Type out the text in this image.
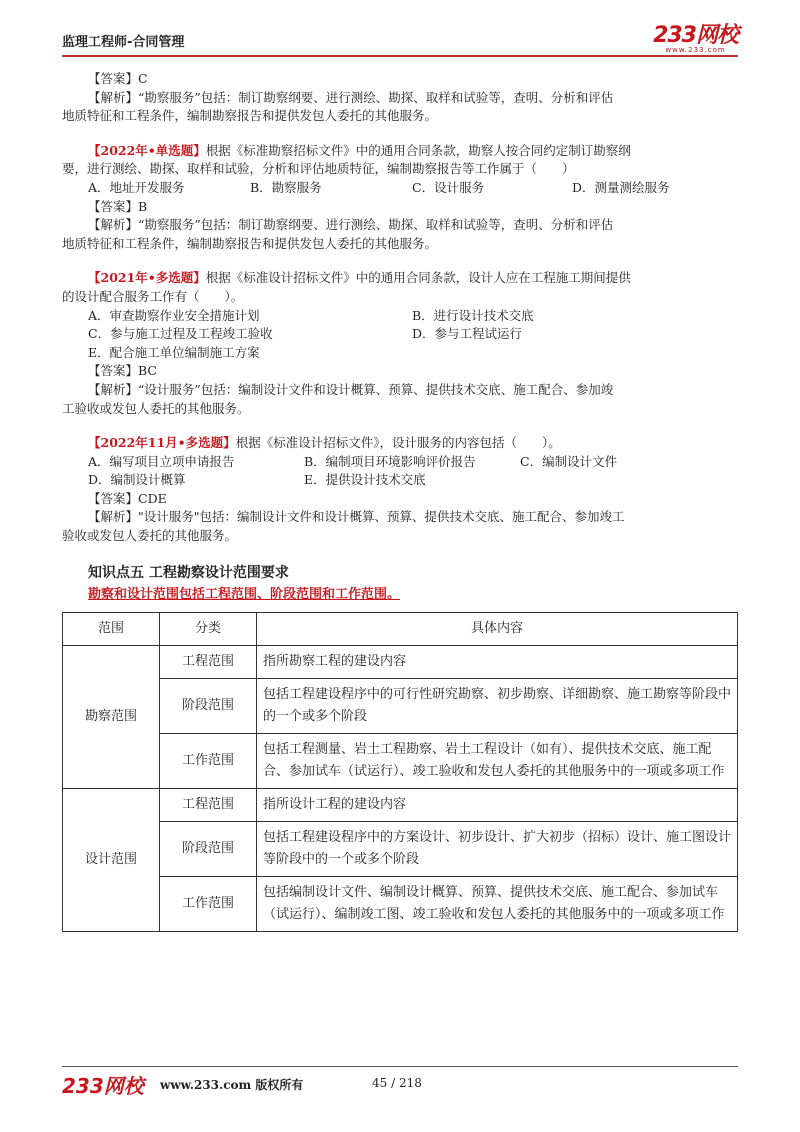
监理工程师-合同管理	233网校
www.233.com

【答案】C

【解析】“勘察服务”包括：制订勘察纲要、进行测绘、勘探、取样和试验等，查明、分析和评估

地质特征和工程条件，编制勘察报告和提供发包人委托的其他服务。

【2022年•单选题】根据《标准勘察招标文件》中的通用合同条款，勘察人按合同约定制订勘察纲

要，进行测绘、勘探、取样和试验，分析和评估地质特征，编制勘察报告等工作属于（　　）

A．地址开发服务	B．勘察服务	C．设计服务	D．测量测绘服务

【答案】B

【解析】“勘察服务”包括：制订勘察纲要、进行测绘、勘探、取样和试验等，查明、分析和评估

地质特征和工程条件，编制勘察报告和提供发包人委托的其他服务。

【2021年•多选题】根据《标准设计招标文件》中的通用合同条款，设计人应在工程施工期间提供

的设计配合服务工作有（　　）。

A．审查勘察作业安全措施计划	B．进行设计技术交底
C．参与施工过程及工程竣工验收	D．参与工程试运行

E．配合施工单位编制施工方案

【答案】BC

【解析】“设计服务”包括：编制设计文件和设计概算、预算、提供技术交底、施工配合、参加竣

工验收或发包人委托的其他服务。

【2022年11月•多选题】根据《标准设计招标文件》，设计服务的内容包括（　　）。

A．编写项目立项申请报告	B．编制项目环境影响评价报告	C．编制设计文件
D．编制设计概算	E．提供设计技术交底

【答案】CDE

【解析】"设计服务"包括：编制设计文件和设计概算、预算、提供技术交底、施工配合、参加竣工

验收或发包人委托的其他服务。

知识点五 工程勘察设计范围要求
勘察和设计范围包括工程范围、阶段范围和工作范围。
范围	分类	具体内容
勘察范围	工程范围	指所勘察工程的建设内容
	阶段范围	包括工程建设程序中的可行性研究勘察、初步勘察、详细勘察、施工勘察等阶段中的一个或多个阶段
	工作范围	包括工程测量、岩土工程勘察、岩土工程设计（如有）、提供技术交底、施工配合、参加试车（试运行）、竣工验收和发包人委托的其他服务中的一项或多项工作
设计范围	工程范围	指所设计工程的建设内容
	阶段范围	包括工程建设程序中的方案设计、初步设计、扩大初步（招标）设计、施工图设计等阶段中的一个或多个阶段
	工作范围	包括编制设计文件、编制设计概算、预算、提供技术交底、施工配合、参加试车（试运行）、编制竣工图、竣工验收和发包人委托的其他服务中的一项或多项工作
233网校 www.233.com 版权所有	45 / 218
